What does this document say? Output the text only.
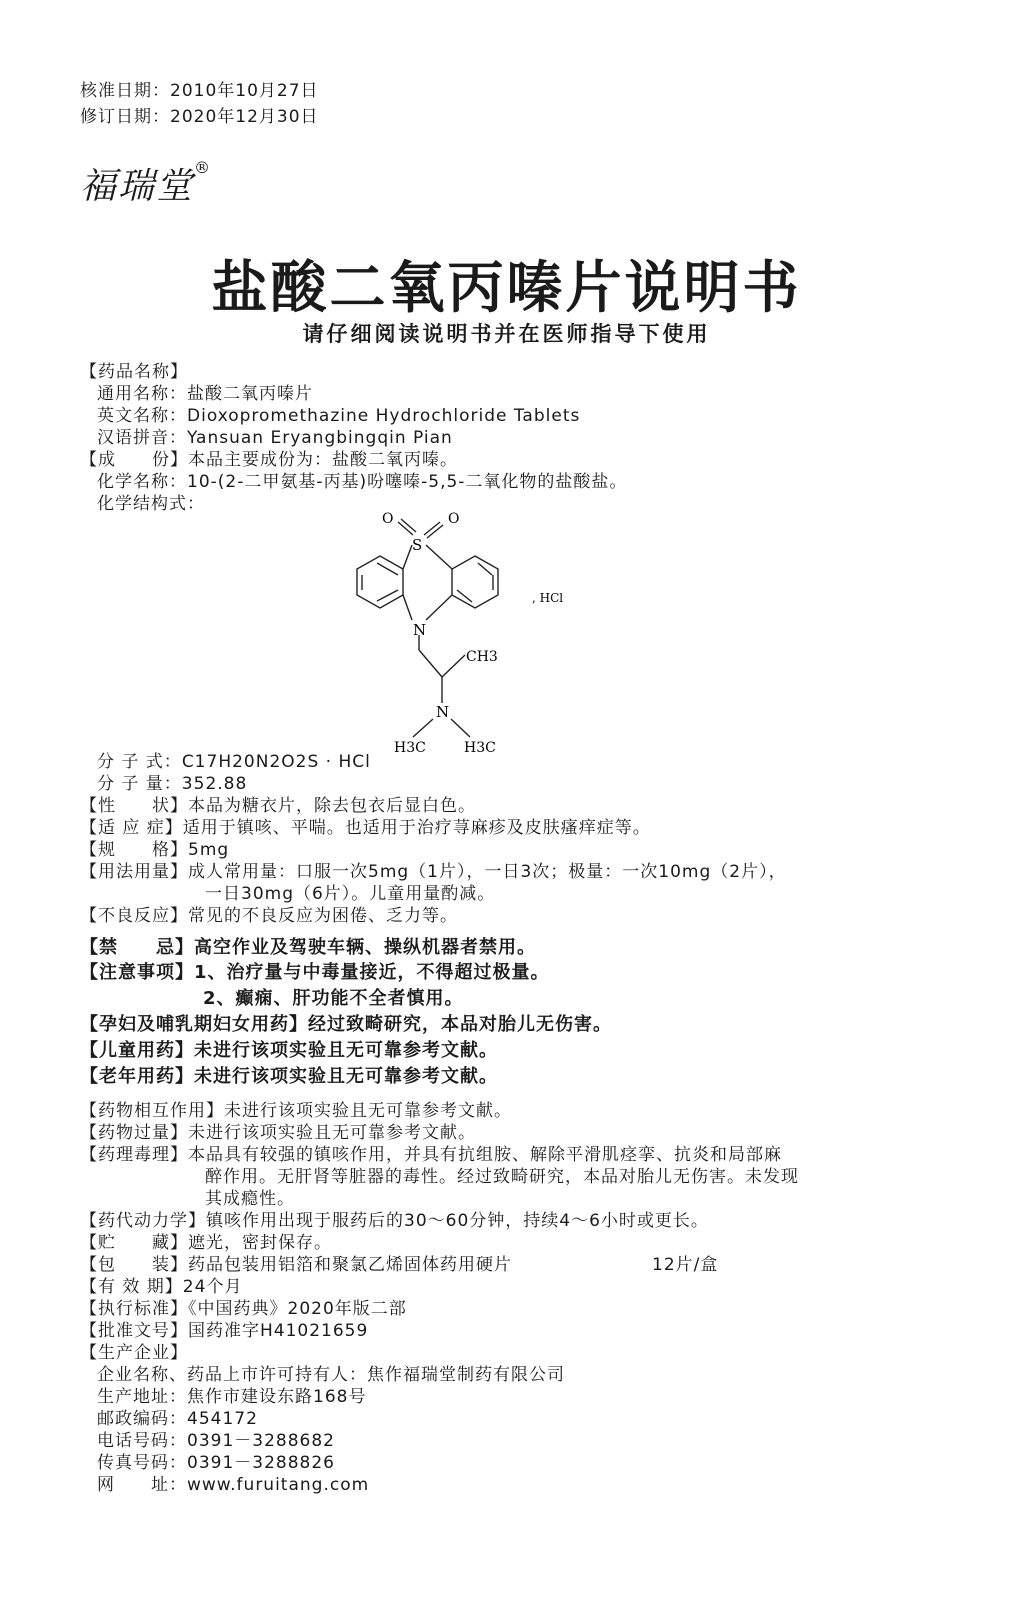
核准日期：2010年10月27日
修订日期：2020年12月30日
福瑞堂®
盐酸二氧丙嗪片说明书
请仔细阅读说明书并在医师指导下使用
【药品名称】
通用名称：盐酸二氧丙嗪片
英文名称：Dioxopromethazine Hydrochloride Tablets
汉语拼音：Yansuan Eryangbingqin Pian
【成　　份】本品主要成份为：盐酸二氧丙嗪。
化学名称：10-(2-二甲氨基-丙基)吩噻嗪-5,5-二氧化物的盐酸盐。
化学结构式：
O	O
S
N
CH3
N
H3C	H3C
, HCl
分 子 式：C17H20N2O2S · HCl
分 子 量：352.88
【性　　状】本品为糖衣片，除去包衣后显白色。
【适 应 症】适用于镇咳、平喘。也适用于治疗荨麻疹及皮肤瘙痒症等。
【规　　格】5mg
【用法用量】成人常用量：口服一次5mg（1片），一日3次；极量：一次10mg（2片），
一日30mg（6片）。儿童用量酌减。
【不良反应】常见的不良反应为困倦、乏力等。
【禁　　忌】高空作业及驾驶车辆、操纵机器者禁用。
【注意事项】1、治疗量与中毒量接近，不得超过极量。
2、癫痫、肝功能不全者慎用。
【孕妇及哺乳期妇女用药】经过致畸研究，本品对胎儿无伤害。
【儿童用药】未进行该项实验且无可靠参考文献。
【老年用药】未进行该项实验且无可靠参考文献。
【药物相互作用】未进行该项实验且无可靠参考文献。
【药物过量】未进行该项实验且无可靠参考文献。
【药理毒理】本品具有较强的镇咳作用，并具有抗组胺、解除平滑肌痉挛、抗炎和局部麻
醉作用。无肝肾等脏器的毒性。经过致畸研究，本品对胎儿无伤害。未发现
其成瘾性。
【药代动力学】镇咳作用出现于服药后的30～60分钟，持续4～6小时或更长。
【贮　　藏】遮光，密封保存。
【包　　装】药品包装用铝箔和聚氯乙烯固体药用硬片	12片/盒
【有 效 期】24个月
【执行标准】《中国药典》2020年版二部
【批准文号】国药准字H41021659
【生产企业】
企业名称、药品上市许可持有人：焦作福瑞堂制药有限公司
生产地址：焦作市建设东路168号
邮政编码：454172
电话号码：0391－3288682
传真号码：0391－3288826
网　　址：www.furuitang.com
